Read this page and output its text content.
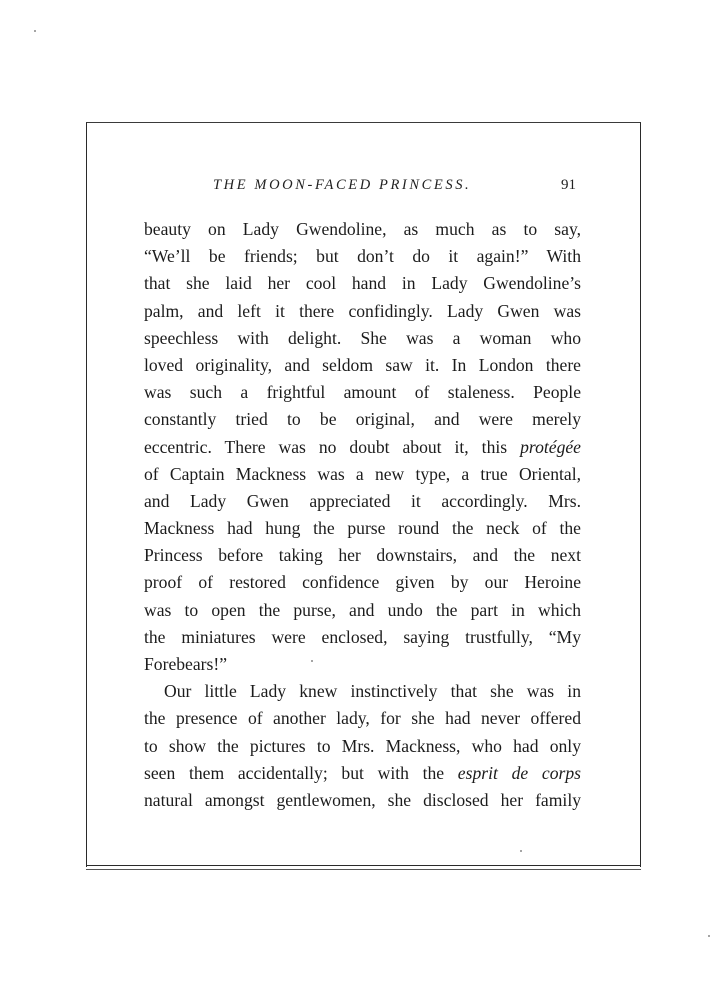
THE MOON-FACED PRINCESS.	91
beauty on Lady Gwendoline, as much as to say,
“We’ll be friends; but don’t do it again!” With
that she laid her cool hand in Lady Gwendoline’s
palm, and left it there confidingly. Lady Gwen was
speechless with delight. She was a woman who
loved originality, and seldom saw it. In London there
was such a frightful amount of staleness. People
constantly tried to be original, and were merely
eccentric. There was no doubt about it, this protégée
of Captain Mackness was a new type, a true Oriental,
and Lady Gwen appreciated it accordingly. Mrs.
Mackness had hung the purse round the neck of the
Princess before taking her downstairs, and the next
proof of restored confidence given by our Heroine
was to open the purse, and undo the part in which
the miniatures were enclosed, saying trustfully, “My
Forebears!”
Our little Lady knew instinctively that she was in
the presence of another lady, for she had never offered
to show the pictures to Mrs. Mackness, who had only
seen them accidentally; but with the esprit de corps
natural amongst gentlewomen, she disclosed her family
